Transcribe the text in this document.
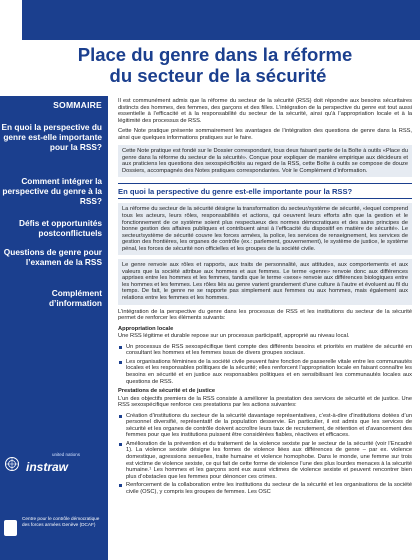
Place du genre dans la réforme
du secteur de la sécurité
SOMMAIRE
En quoi la perspective du genre est-elle importante pour la RSS?
Comment intégrer la perspective du genre à la RSS?
Défis et opportunités postconflictuels
Questions de genre pour l’examen de la RSS
Complément d’information
instraw
united nations
Centre pour le contrôle démocratique des forces armées Genève (DCAF)

Il est communément admis que la réforme du secteur de la sécurité (RSS) doit répondre aux besoins sécuritaires distincts des hommes, des femmes, des garçons et des filles. L’intégration de la perspective du genre est tout aussi essentielle à l’efficacité et à la responsabilité du secteur de la sécurité, ainsi qu’à l’appropriation locale et à la légitimité des processus de RSS.

Cette Note pratique présente sommairement les avantages de l’intégration des questions de genre dans la RSS, ainsi que quelques informations pratiques sur le faire.

Cette Note pratique est fondé sur le Dossier correspondant, tous deux faisant partie de la Boîte à outils «Place du genre dans la réforme du secteur de la sécurité». Conçue pour expliquer de manière empirique aux décideurs et aux praticiens les questions des sexospécificités au regard de la RSS, cette Boîte à outils se compose de douze Dossiers, accompagnés des Notes pratiques correspondantes. Voir le Complément d’information.
En quoi la perspective du genre est-elle importante pour la RSS?
La réforme du secteur de la sécurité désigne la transformation du secteur/système de sécurité, «lequel comprend tous les acteurs, leurs rôles, responsabilités et actions, qui oeuvrent leurs efforts afin que la gestion et le fonctionnement de ce système soient plus respectueux des normes démocratiques et des sains principes de bonne gestion des affaires publiques et contribuent ainsi à l’efficacité du dispositif en matière de sécurité». Le secteur/système de sécurité couvre les forces armées, la police, les services de renseignement, les services de gestion des frontières, les organes de contrôle (ex.: parlement, gouvernement), le système de justice, le système pénal, les forces de sécurité non officielles et les groupes de la société civile.
Le genre renvoie aux rôles et rapports, aux traits de personnalité, aux attitudes, aux comportements et aux valeurs que la société attribue aux hommes et aux femmes. Le terme «genre» renvoie donc aux différences apprises entre les hommes et les femmes, tandis que le terme «sexe» renvoie aux différences biologiques entre les hommes et les femmes. Les rôles liés au genre varient grandement d’une culture à l’autre et évoluent au fil du temps. De fait, le genre ne se rapporte pas simplement aux femmes ou aux hommes, mais également aux relations entre les femmes et les hommes.

L’intégration de la perspective du genre dans les processus de RSS et les institutions du secteur de la sécurité permet de renforcer les éléments suivants:

Appropriation locale

Une RSS légitime et durable repose sur un processus participatif, approprié au niveau local.

Un processus de RSS sexospécifique tient compte des différents besoins et priorités en matière de sécurité en consultant les hommes et les femmes issus de divers groupes sociaux.
Les organisations féminines de la société civile peuvent faire fonction de passerelle vitale entre les communautés locales et les responsables politiques de la sécurité; elles renforcent l’appropriation locale en faisant connaître les besoins en sécurité et en justice aux responsables politiques et en sensibilisant les communautés locales aux questions de RSS.
Prestations de sécurité et de justice

L’un des objectifs premiers de la RSS consiste à améliorer la prestation des services de sécurité et de justice. Une RSS sexospécifique renforce ces prestations par les actions suivantes:

Création d’institutions du secteur de la sécurité davantage représentatives, c’est-à-dire d’institutions dotées d’un personnel diversifié, représentatif de la population desservie. En particulier, il est admis que les services de sécurité et les organes de contrôle doivent accroître leurs taux de recrutement, de rétention et d’avancement des femmes pour que les institutions puissent être considérées fiables, réactives et efficaces.
Amélioration de la prévention et du traitement de la violence sexiste par le secteur de la sécurité (voir l’Encadré 1). La violence sexiste désigne les formes de violence liées aux différences de genre – par ex. violence domestique, agressions sexuelles, traite humaine et violence homophobe. Dans le monde, une femme sur trois est victime de violence sexiste, ce qui fait de cette forme de violence l’une des plus lourdes menaces à la sécurité humaine.¹ Les hommes et les garçons sont eux aussi victimes de violence sexiste et peuvent rencontrer bien plus d’obstacles que les femmes pour dénoncer ces crimes.
Renforcement de la collaboration entre les institutions du secteur de la sécurité et les organisations de la société civile (OSC), y compris les groupes de femmes. Les OSC
